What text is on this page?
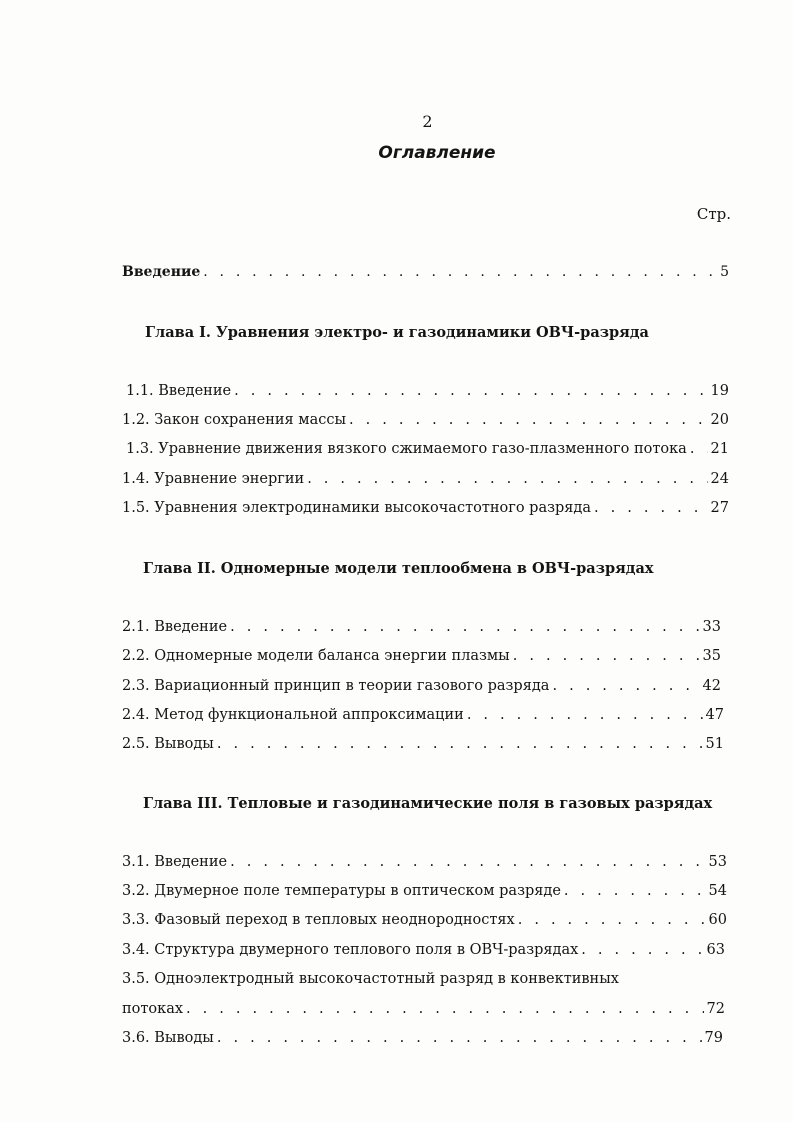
2
Оглавление
Стр.
Введение . . .	5
Глава I. Уравнения электро- и газодинамики ОВЧ-разряда
1.1. Введение . . .	19
1.2. Закон сохранения массы . . .	20
1.3. Уравнение движения вязкого сжимаемого газо-плазменного потока . . . 21
1.4. Уравнение энергии . . .	24
1.5. Уравнения электродинамики высокочастотного разряда . . .	27
Глава II. Одномерные модели теплообмена в ОВЧ-разрядах
2.1. Введение . . .	33
2.2. Одномерные модели баланса энергии плазмы . . .	35
2.3. Вариационный принцип в теории газового разряда . . .	42
2.4. Метод функциональной аппроксимации . . .	47
2.5. Выводы . . .	51
Глава III. Тепловые и газодинамические поля в газовых разрядах
3.1. Введение . . .	53
3.2. Двумерное поле температуры в оптическом разряде . . .	54
3.3. Фазовый переход в тепловых неоднородностях . . .	60
3.4. Структура двумерного теплового поля в ОВЧ-разрядах . . .	63
3.5. Одноэлектродный высокочастотный разряд в конвективных
потоках . . .	72
3.6. Выводы . . .	79
